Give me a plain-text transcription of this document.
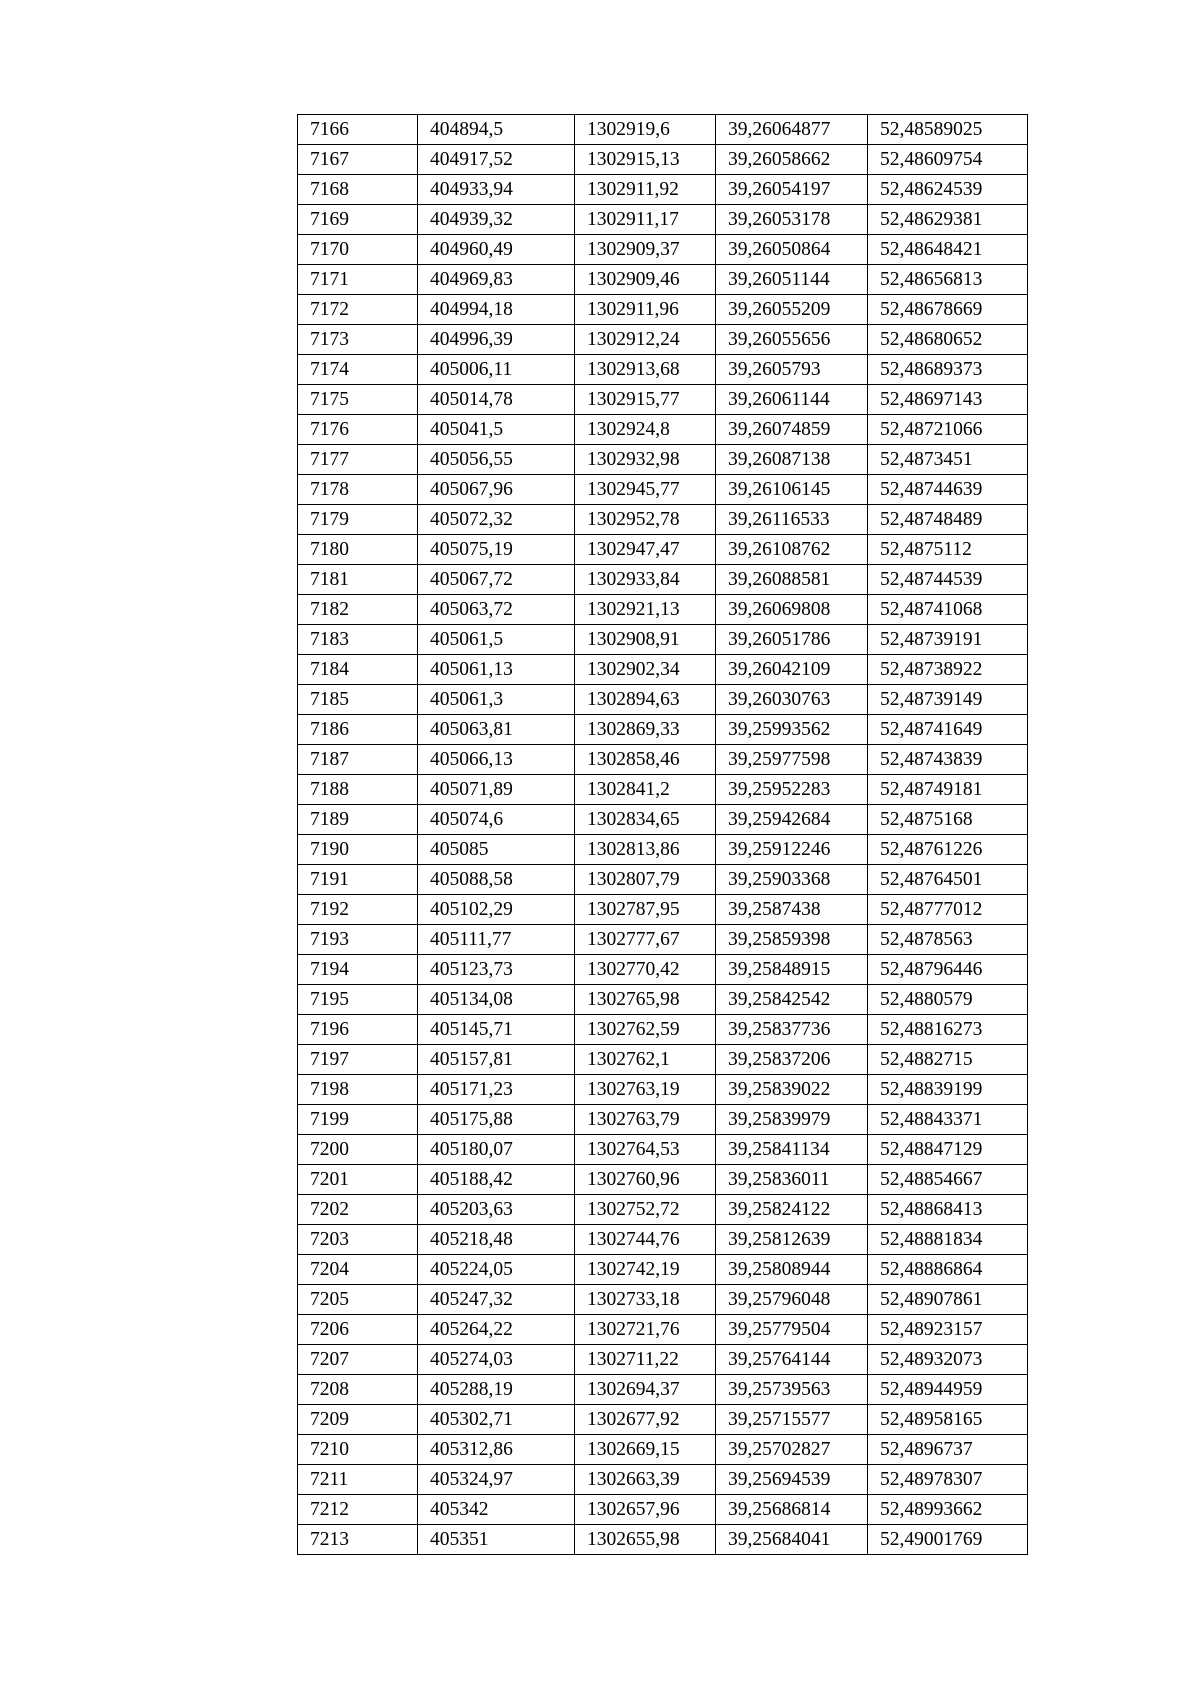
7166	404894,5	1302919,6	39,26064877	52,48589025
7167	404917,52	1302915,13	39,26058662	52,48609754
7168	404933,94	1302911,92	39,26054197	52,48624539
7169	404939,32	1302911,17	39,26053178	52,48629381
7170	404960,49	1302909,37	39,26050864	52,48648421
7171	404969,83	1302909,46	39,26051144	52,48656813
7172	404994,18	1302911,96	39,26055209	52,48678669
7173	404996,39	1302912,24	39,26055656	52,48680652
7174	405006,11	1302913,68	39,2605793	52,48689373
7175	405014,78	1302915,77	39,26061144	52,48697143
7176	405041,5	1302924,8	39,26074859	52,48721066
7177	405056,55	1302932,98	39,26087138	52,4873451
7178	405067,96	1302945,77	39,26106145	52,48744639
7179	405072,32	1302952,78	39,26116533	52,48748489
7180	405075,19	1302947,47	39,26108762	52,4875112
7181	405067,72	1302933,84	39,26088581	52,48744539
7182	405063,72	1302921,13	39,26069808	52,48741068
7183	405061,5	1302908,91	39,26051786	52,48739191
7184	405061,13	1302902,34	39,26042109	52,48738922
7185	405061,3	1302894,63	39,26030763	52,48739149
7186	405063,81	1302869,33	39,25993562	52,48741649
7187	405066,13	1302858,46	39,25977598	52,48743839
7188	405071,89	1302841,2	39,25952283	52,48749181
7189	405074,6	1302834,65	39,25942684	52,4875168
7190	405085	1302813,86	39,25912246	52,48761226
7191	405088,58	1302807,79	39,25903368	52,48764501
7192	405102,29	1302787,95	39,2587438	52,48777012
7193	405111,77	1302777,67	39,25859398	52,4878563
7194	405123,73	1302770,42	39,25848915	52,48796446
7195	405134,08	1302765,98	39,25842542	52,4880579
7196	405145,71	1302762,59	39,25837736	52,48816273
7197	405157,81	1302762,1	39,25837206	52,4882715
7198	405171,23	1302763,19	39,25839022	52,48839199
7199	405175,88	1302763,79	39,25839979	52,48843371
7200	405180,07	1302764,53	39,25841134	52,48847129
7201	405188,42	1302760,96	39,25836011	52,48854667
7202	405203,63	1302752,72	39,25824122	52,48868413
7203	405218,48	1302744,76	39,25812639	52,48881834
7204	405224,05	1302742,19	39,25808944	52,48886864
7205	405247,32	1302733,18	39,25796048	52,48907861
7206	405264,22	1302721,76	39,25779504	52,48923157
7207	405274,03	1302711,22	39,25764144	52,48932073
7208	405288,19	1302694,37	39,25739563	52,48944959
7209	405302,71	1302677,92	39,25715577	52,48958165
7210	405312,86	1302669,15	39,25702827	52,4896737
7211	405324,97	1302663,39	39,25694539	52,48978307
7212	405342	1302657,96	39,25686814	52,48993662
7213	405351	1302655,98	39,25684041	52,49001769
